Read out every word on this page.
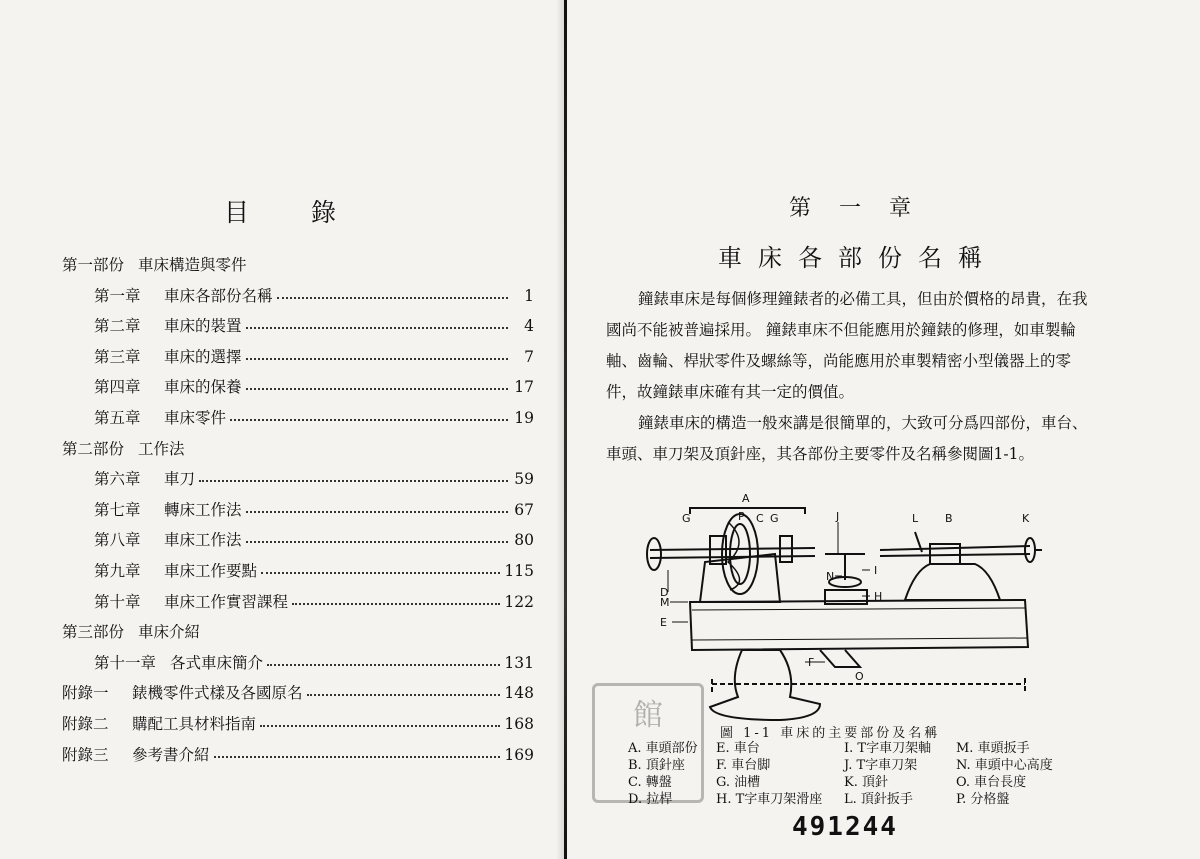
目錄
第一部份 車床構造與零件
第一章	車床各部份名稱	1
第二章	車床的裝置	4
第三章	車床的選擇	7
第四章	車床的保養	17
第五章	車床零件	19
第二部份 工作法
第六章	車刀	59
第七章	轉床工作法	67
第八章	車床工作法	80
第九章	車床工作要點	115
第十章	車床工作實習課程	122
第三部份 車床介紹
第十一章 各式車床簡介	131
附錄一	錶機零件式樣及各國原名	148
附錄二	購配工具材料指南	168
附錄三	參考書介紹	169
第一章
車床各部份名稱
鐘錶車床是每個修理鐘錶者的必備工具，但由於價格的昂貴，在我國尚不能被普遍採用。 鐘錶車床不但能應用於鐘錶的修理，如車製輪軸、齒輪、桿狀零件及螺絲等，尚能應用於車製精密小型儀器上的零件，故鐘錶車床確有其一定的價值。
鐘錶車床的構造一般來講是很簡單的，大致可分爲四部份，車台、車頭、車刀架及頂針座，其各部份主要零件及名稱參閱圖1-1。
A
G	P C G	J	L B	K
D
M
E
N	I
H
F
O
館
圖 1-1 車床的主要部份及名稱
A. 車頭部份	E. 車台	I. T字車刀架軸	M. 車頭扳手
B. 頂針座	F. 車台脚	J. T字車刀架	N. 車頭中心高度
C. 轉盤	G. 油槽	K. 頂針	O. 車台長度
D. 拉桿	H. T字車刀架滑座	L. 頂針扳手	P. 分格盤
491244
